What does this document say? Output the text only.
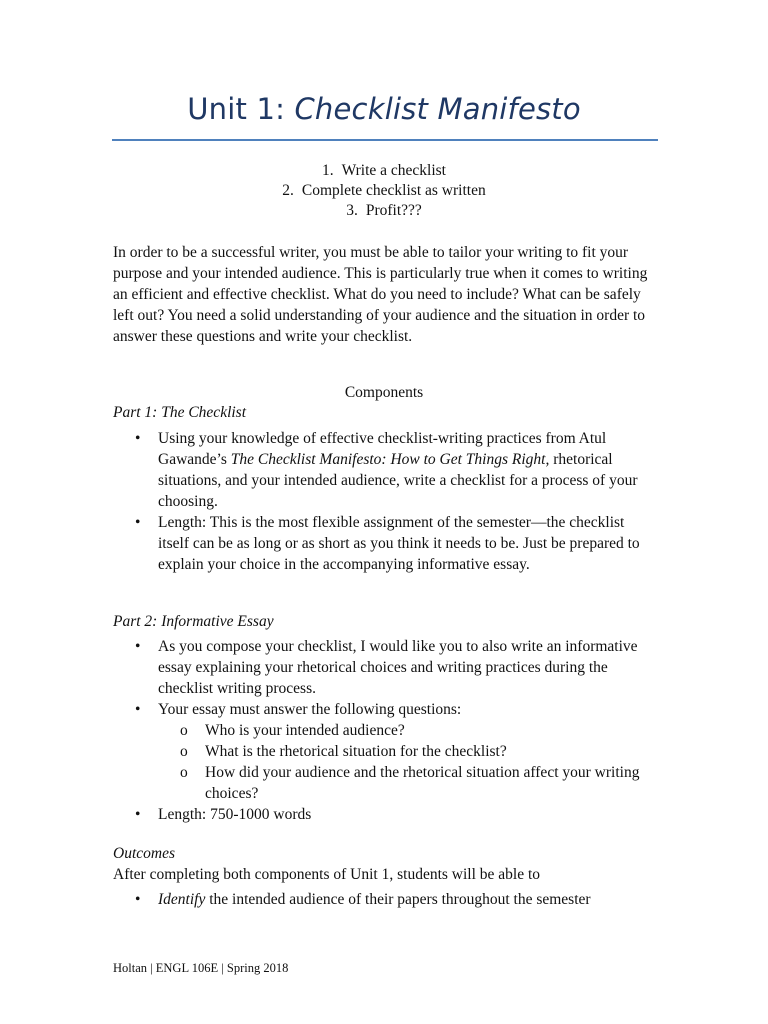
Unit 1: Checklist Manifesto
1. Write a checklist
2. Complete checklist as written
3. Profit???
In order to be a successful writer, you must be able to tailor your writing to fit your purpose and your intended audience. This is particularly true when it comes to writing an efficient and effective checklist. What do you need to include? What can be safely left out? You need a solid understanding of your audience and the situation in order to answer these questions and write your checklist.
Components
Part 1: The Checklist
• Using your knowledge of effective checklist-writing practices from Atul Gawande’s The Checklist Manifesto: How to Get Things Right, rhetorical situations, and your intended audience, write a checklist for a process of your choosing.
• Length: This is the most flexible assignment of the semester—the checklist itself can be as long or as short as you think it needs to be. Just be prepared to explain your choice in the accompanying informative essay.
Part 2: Informative Essay
• As you compose your checklist, I would like you to also write an informative essay explaining your rhetorical choices and writing practices during the checklist writing process.
• Your essay must answer the following questions:
o Who is your intended audience?
o What is the rhetorical situation for the checklist?
o How did your audience and the rhetorical situation affect your writing choices?
• Length: 750-1000 words
Outcomes
After completing both components of Unit 1, students will be able to
• Identify the intended audience of their papers throughout the semester
Holtan | ENGL 106E | Spring 2018
